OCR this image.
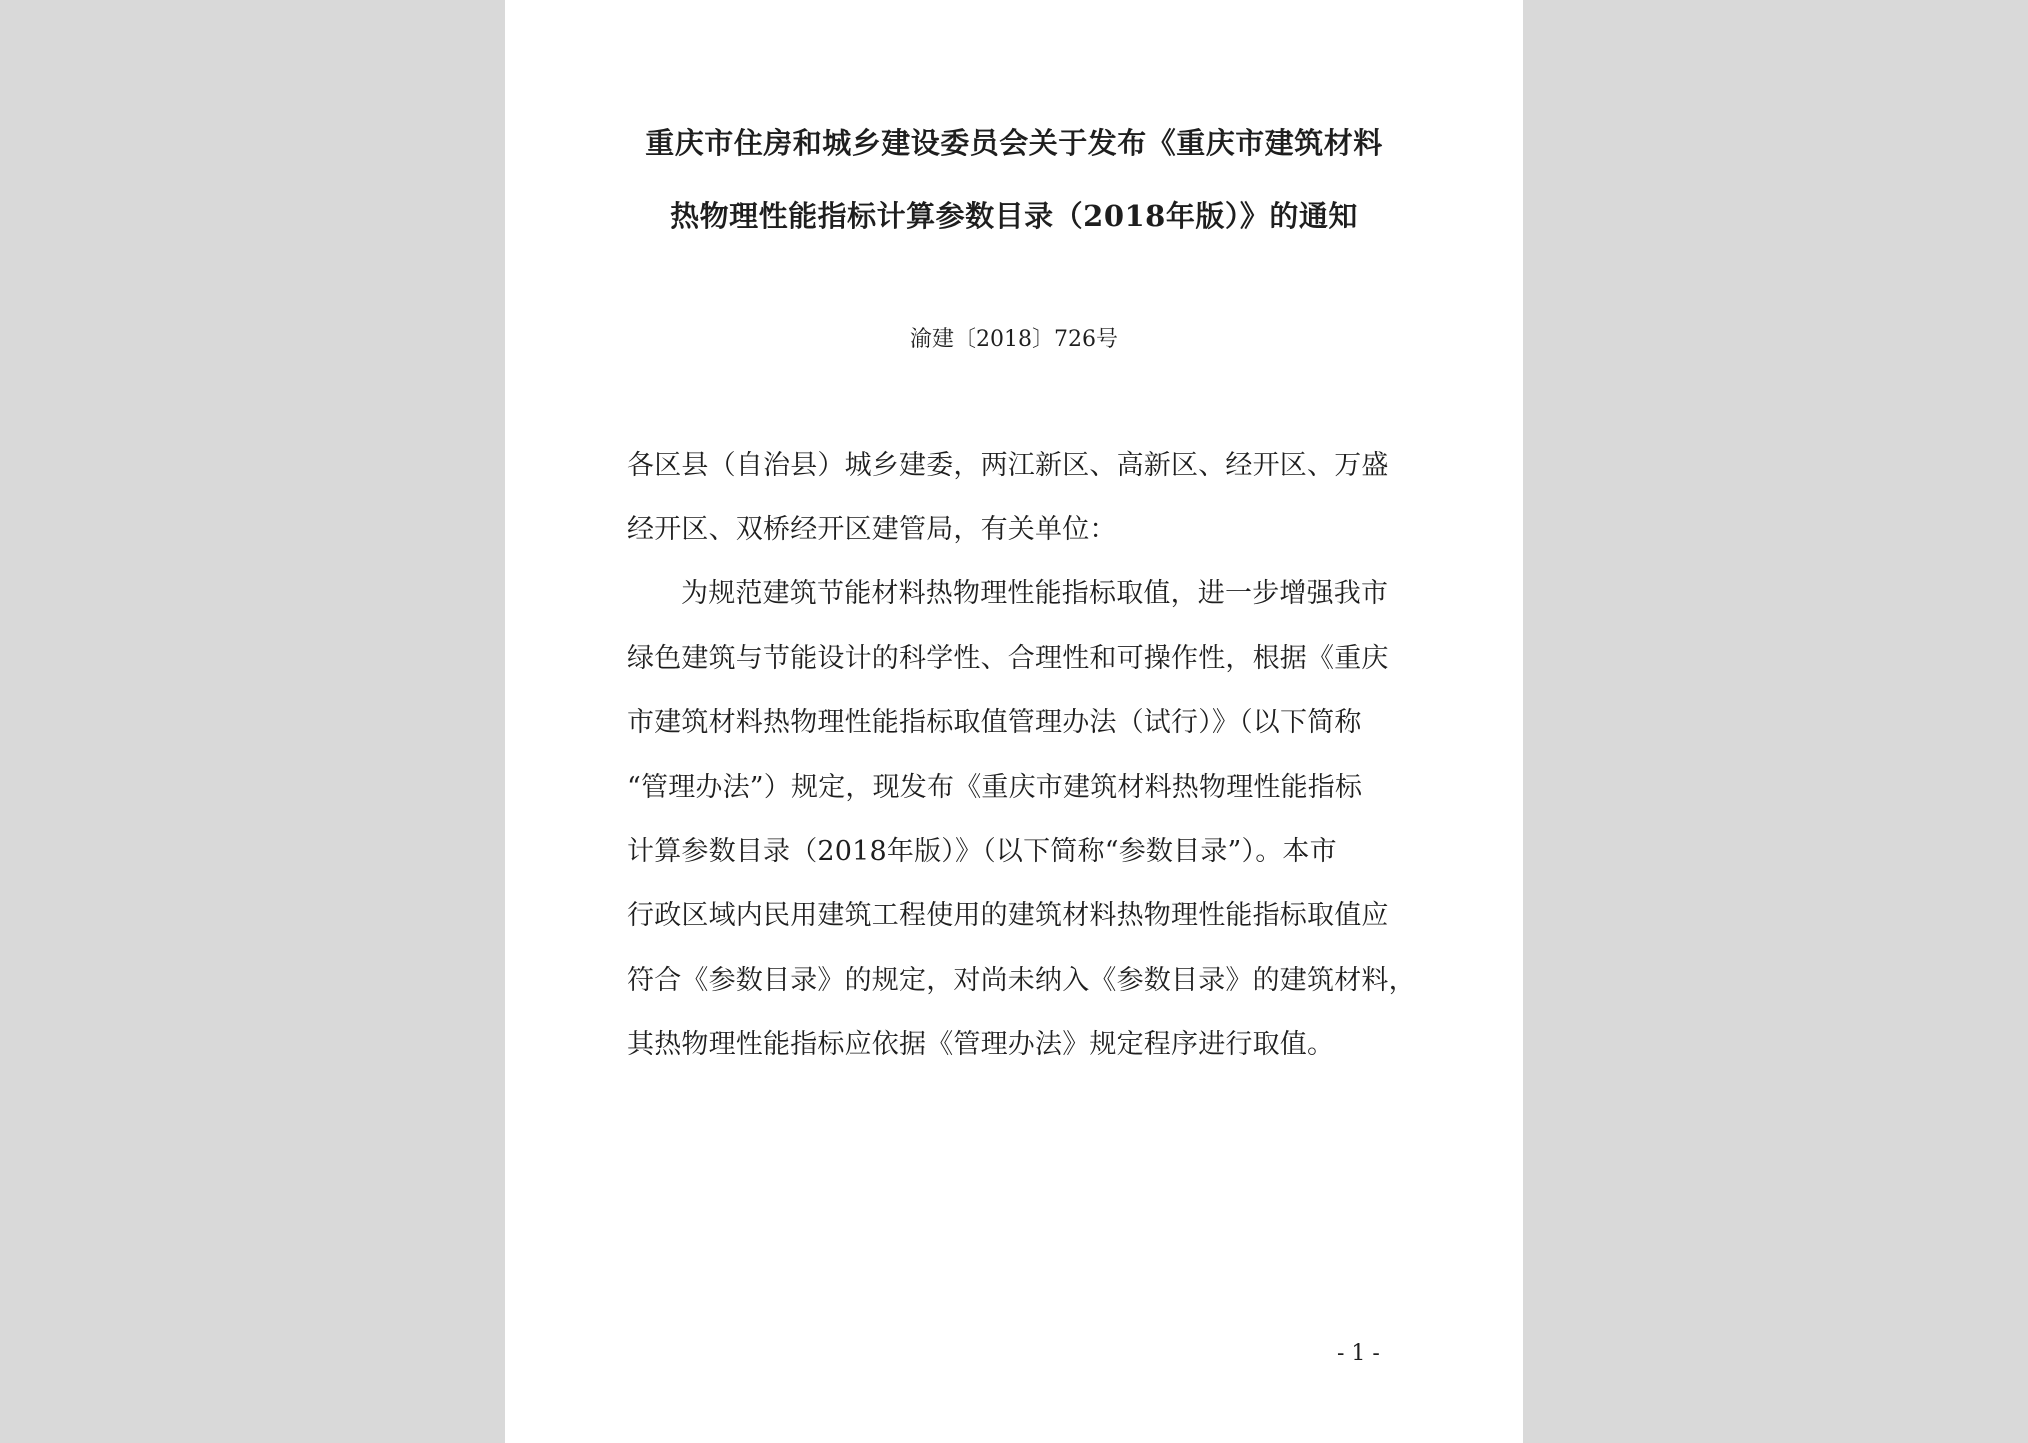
重庆市住房和城乡建设委员会关于发布《重庆市建筑材料
热物理性能指标计算参数目录（2018年版）》的通知
渝建〔2018〕726号
各区县（自治县）城乡建委，两江新区、高新区、经开区、万盛
经开区、双桥经开区建管局，有关单位：
为规范建筑节能材料热物理性能指标取值，进一步增强我市
绿色建筑与节能设计的科学性、合理性和可操作性，根据《重庆
市建筑材料热物理性能指标取值管理办法（试行）》（以下简称
“管理办法”）规定，现发布《重庆市建筑材料热物理性能指标
计算参数目录（2018年版）》（以下简称“参数目录”）。本市
行政区域内民用建筑工程使用的建筑材料热物理性能指标取值应
符合《参数目录》的规定，对尚未纳入《参数目录》的建筑材料，
其热物理性能指标应依据《管理办法》规定程序进行取值。
- 1 -
